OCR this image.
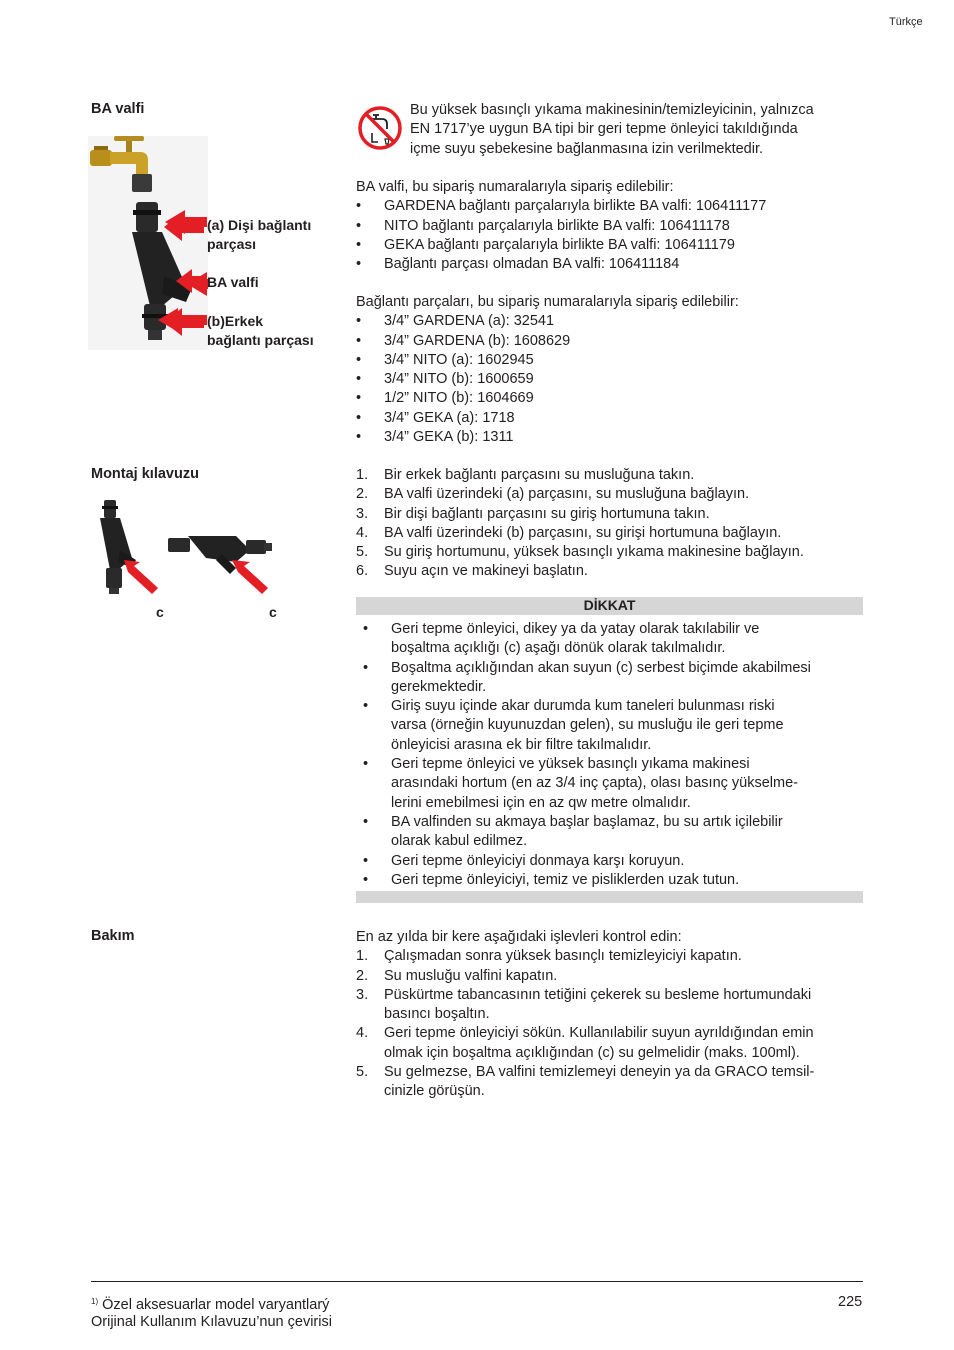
Türkçe
BA valfi
(a) Dişi bağlantı
parçası
BA valfi
(b)Erkek
bağlantı parçası
Bu yüksek basınçlı yıkama makinesinin/temizleyicinin, yalnızca
EN 1717’ye uygun BA tipi bir geri tepme önleyici takıldığında
içme suyu şebekesine bağlanmasına izin verilmektedir.
BA valfi, bu sipariş numaralarıyla sipariş edilebilir:
• GARDENA bağlantı parçalarıyla birlikte BA valfi: 106411177
• NITO bağlantı parçalarıyla birlikte BA valfi: 106411178
• GEKA bağlantı parçalarıyla birlikte BA valfi: 106411179
• Bağlantı parçası olmadan BA valfi: 106411184
Bağlantı parçaları, bu sipariş numaralarıyla sipariş edilebilir:
• 3/4” GARDENA (a): 32541
• 3/4” GARDENA (b): 1608629
• 3/4” NITO (a): 1602945
• 3/4” NITO (b): 1600659
• 1/2” NITO (b): 1604669
• 3/4” GEKA (a): 1718
• 3/4” GEKA (b): 1311
Montaj kılavuzu
c	c
1. Bir erkek bağlantı parçasını su musluğuna takın.
2. BA valfi üzerindeki (a) parçasını, su musluğuna bağlayın.
3. Bir dişi bağlantı parçasını su giriş hortumuna takın.
4. BA valfi üzerindeki (b) parçasını, su girişi hortumuna bağlayın.
5. Su giriş hortumunu, yüksek basınçlı yıkama makinesine bağlayın.
6. Suyu açın ve makineyi başlatın.
DİKKAT
• Geri tepme önleyici, dikey ya da yatay olarak takılabilir ve
boşaltma açıklığı (c) aşağı dönük olarak takılmalıdır.
• Boşaltma açıklığından akan suyun (c) serbest biçimde akabilmesi
gerekmektedir.
• Giriş suyu içinde akar durumda kum taneleri bulunması riski
varsa (örneğin kuyunuzdan gelen), su musluğu ile geri tepme
önleyicisi arasına ek bir filtre takılmalıdır.
• Geri tepme önleyici ve yüksek basınçlı yıkama makinesi
arasındaki hortum (en az 3/4 inç çapta), olası basınç yükselme-
lerini emebilmesi için en az qw metre olmalıdır.
• BA valfinden su akmaya başlar başlamaz, bu su artık içilebilir
olarak kabul edilmez.
• Geri tepme önleyiciyi donmaya karşı koruyun.
• Geri tepme önleyiciyi, temiz ve pisliklerden uzak tutun.
Bakım	En az yılda bir kere aşağıdaki işlevleri kontrol edin:
1. Çalışmadan sonra yüksek basınçlı temizleyiciyi kapatın.
2. Su musluğu valfini kapatın.
3. Püskürtme tabancasının tetiğini çekerek su besleme hortumundaki
basıncı boşaltın.
4. Geri tepme önleyiciyi sökün. Kullanılabilir suyun ayrıldığından emin
olmak için boşaltma açıklığından (c) su gelmelidir (maks. 100ml).
5. Su gelmezse, BA valfini temizlemeyi deneyin ya da GRACO temsil-
cinizle görüşün.
$^{1)}$ Özel aksesuarlar model varyantlarý
Orijinal Kullanım Kılavuzu’nun çevirisi
225
